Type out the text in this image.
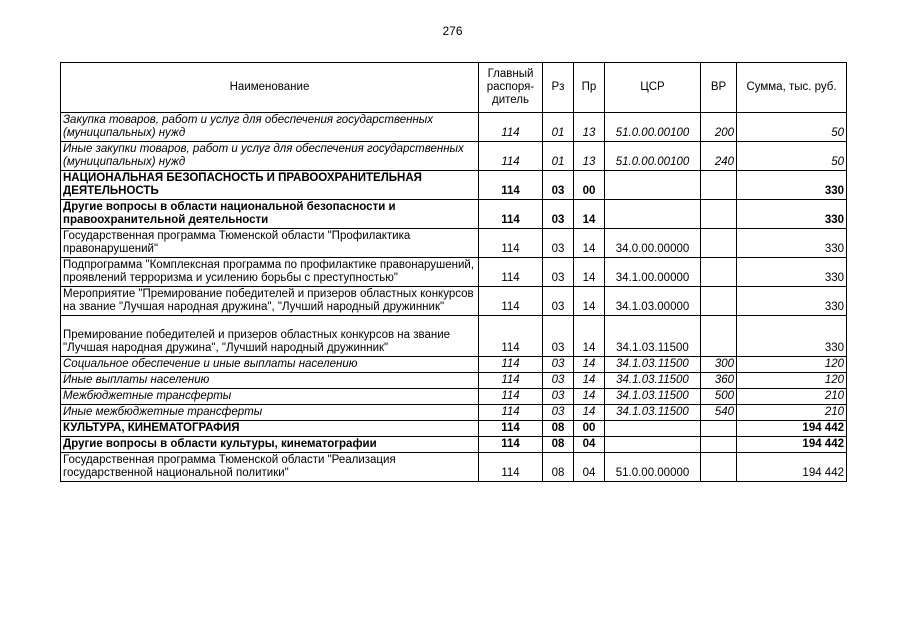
276
Наименование	Главный распоря-дитель	Рз	Пр	ЦСР	ВР	Сумма, тыс. руб.
Закупка товаров, работ и услуг для обеспечения государственных (муниципальных) нужд	114	01	13	51.0.00.00100	200	50
Иные закупки товаров, работ и услуг для обеспечения государственных (муниципальных) нужд	114	01	13	51.0.00.00100	240	50
НАЦИОНАЛЬНАЯ БЕЗОПАСНОСТЬ И ПРАВООХРАНИТЕЛЬНАЯ ДЕЯТЕЛЬНОСТЬ	114	03	00			330
Другие вопросы в области национальной безопасности и правоохранительной деятельности	114	03	14			330
Государственная программа Тюменской области "Профилактика правонарушений"	114	03	14	34.0.00.00000		330
Подпрограмма "Комплексная программа по профилактике правонарушений, проявлений терроризма и усилению борьбы с преступностью"	114	03	14	34.1.00.00000		330
Мероприятие "Премирование победителей и призеров областных конкурсов на звание "Лучшая народная дружина", "Лучший народный дружинник"	114	03	14	34.1.03.00000		330
Премирование победителей и призеров областных конкурсов на звание "Лучшая народная дружина", "Лучший народный дружинник"	114	03	14	34.1.03.11500		330
Социальное обеспечение и иные выплаты населению	114	03	14	34.1.03.11500	300	120
Иные выплаты населению	114	03	14	34.1.03.11500	360	120
Межбюджетные трансферты	114	03	14	34.1.03.11500	500	210
Иные межбюджетные трансферты	114	03	14	34.1.03.11500	540	210
КУЛЬТУРА, КИНЕМАТОГРАФИЯ	114	08	00			194 442
Другие вопросы в области культуры, кинематографии	114	08	04			194 442
Государственная программа Тюменской области "Реализация государственной национальной политики"	114	08	04	51.0.00.00000		194 442
